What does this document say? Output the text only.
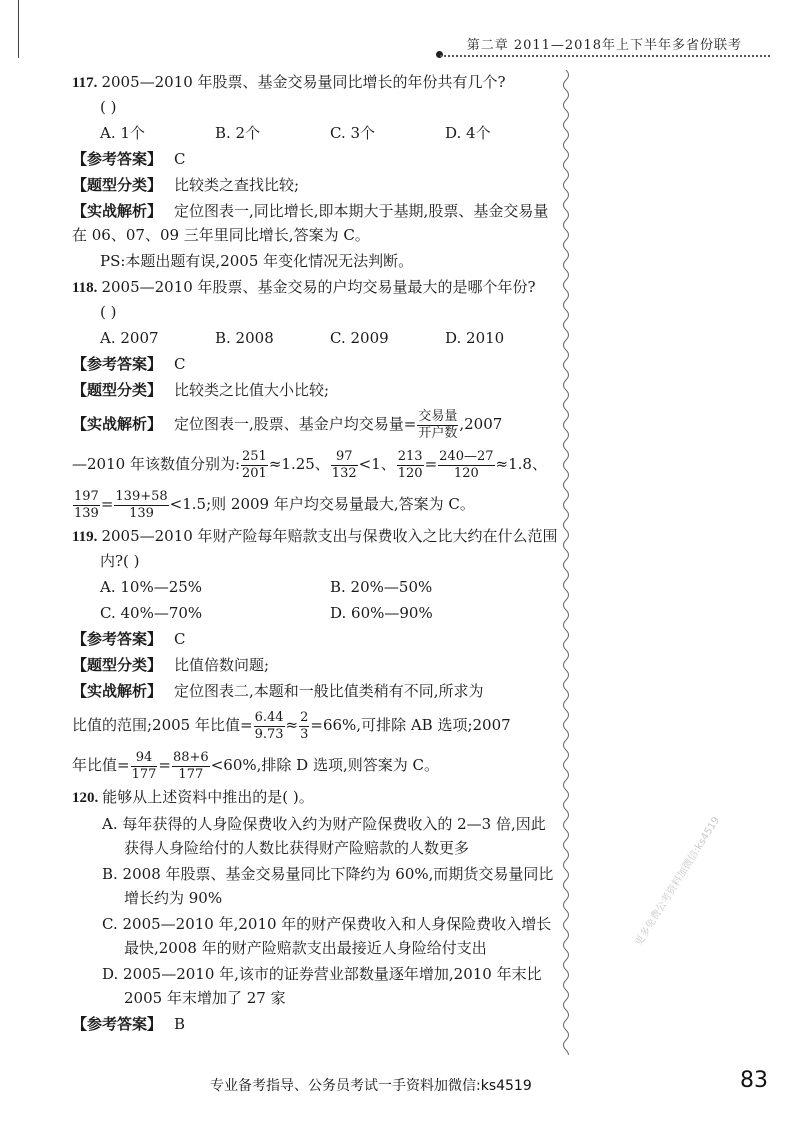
第二章 2011—2018年上下半年多省份联考

117. 2005—2010 年股票、基金交易量同比增长的年份共有几个?

( )
A. 1个	B. 2个	C. 3个	D. 4个
【参考答案】 C
【题型分类】 比较类之查找比较;
【实战解析】 定位图表一,同比增长,即本期大于基期,股票、基金交易量在 06、07、09 三年里同比增长,答案为 C。
PS:本题出题有误,2005 年变化情况无法判断。

118. 2005—2010 年股票、基金交易的户均交易量最大的是哪个年份?

( )
A. 2007	B. 2008	C. 2009	D. 2010
【参考答案】 C
【题型分类】 比较类之比值大小比较;

【实战解析】 定位图表一,股票、基金户均交易量= $\frac{\text{交易量}}{\text{开户数}} ,2007$

—2010 年该数值分别为: $\frac{251}{201} \approx 1.25$、 $\frac{97}{132} <1$、 $\frac{213}{120} = \frac{240—27}{120} \approx 1.8$、

$\frac{197}{139} = \frac{139+58}{139} <1.5$;则 2009 年户均交易量最大,答案为 C。

119. 2005—2010 年财产险每年赔款支出与保费收入之比大约在什么范围内?( )

A. 10%—25%	B. 20%—50%
C. 40%—70%	D. 60%—90%
【参考答案】 C
【题型分类】 比值倍数问题;
【实战解析】 定位图表二,本题和一般比值类稍有不同,所求为

比值的范围;2005 年比值= $\frac{6.44}{9.73} \approx \frac{2}{3} =66\%$,可排除 AB 选项;2007

年比值= $\frac{94}{177} = \frac{88+6}{177} <60\%$,排除 D 选项,则答案为 C。

120. 能够从上述资料中推出的是( )。

A. 每年获得的人身险保费收入约为财产险保费收入的 2—3 倍,因此获得人身险给付的人数比获得财产险赔款的人数更多
B. 2008 年股票、基金交易量同比下降约为 60%,而期货交易量同比增长约为 90%
C. 2005—2010 年,2010 年的财产保费收入和人身保险费收入增长最快,2008 年的财产险赔款支出最接近人身险给付支出
D. 2005—2010 年,该市的证券营业部数量逐年增加,2010 年末比 2005 年末增加了 27 家
【参考答案】 B
更多免费公考资料加微信:ks4519
专业备考指导、公务员考试一手资料加微信:ks4519	83
